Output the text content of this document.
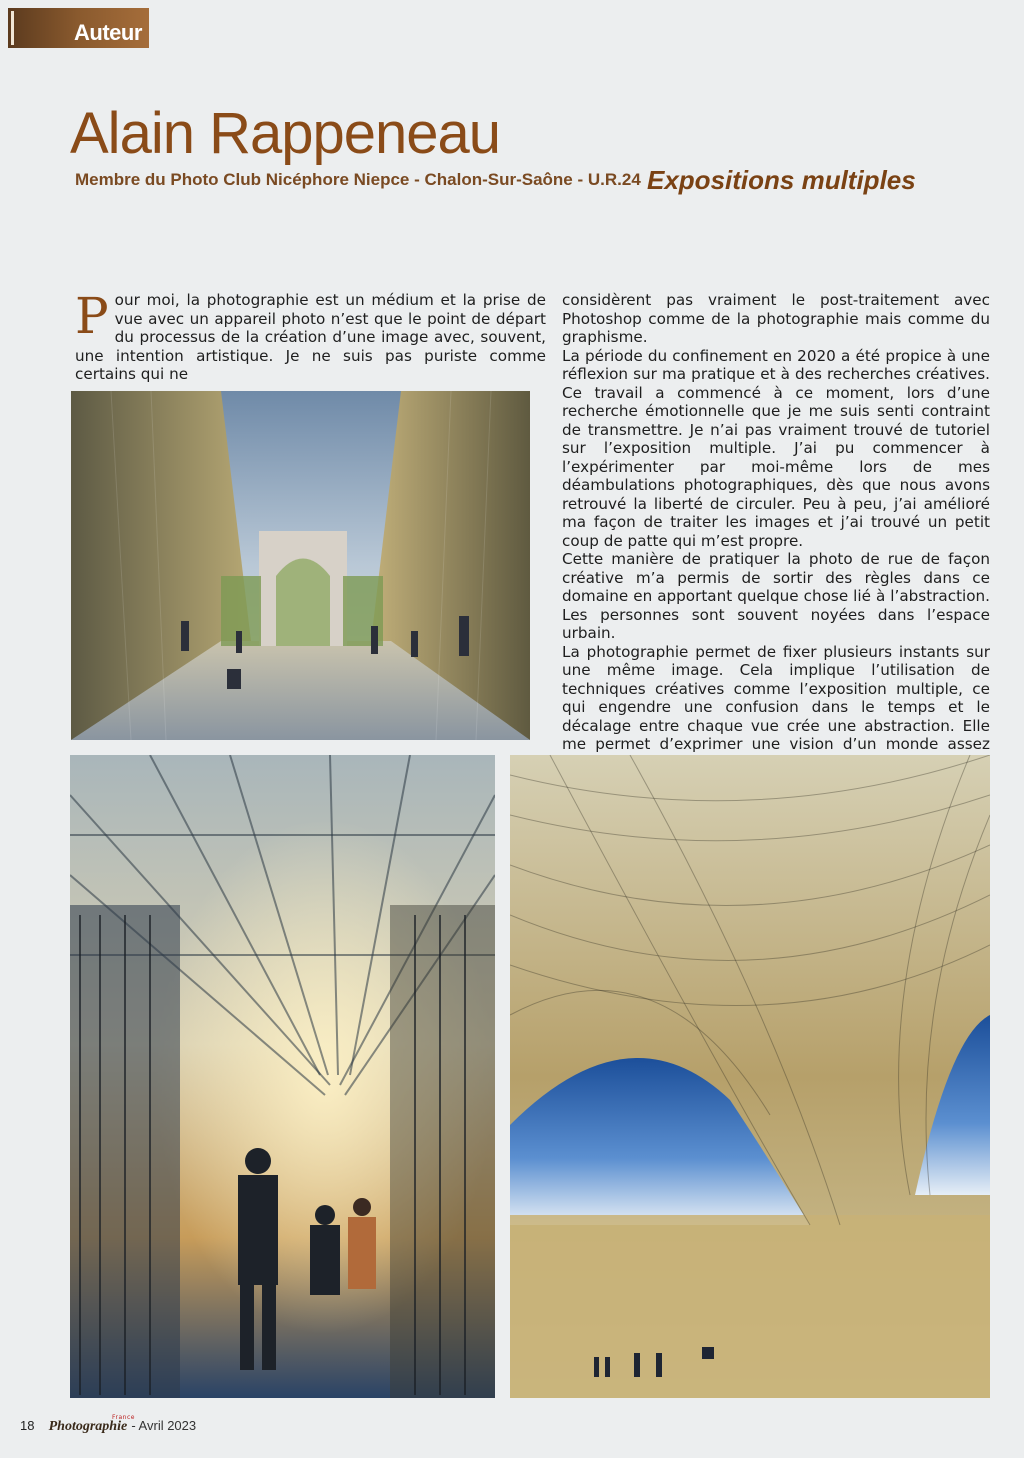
Auteur
Alain Rappeneau
Membre du Photo Club Nicéphore Niepce - Chalon-Sur-Saône - U.R.24 Expositions multiples
P our moi, la photographie est un médium et la prise de vue avec un appareil photo n’est que le point de départ du processus de la création d’une image avec, souvent, une intention artistique. Je ne suis pas puriste comme certains qui ne

considèrent pas vraiment le post-traitement avec Photoshop comme de la photographie mais comme du graphisme.

La période du confinement en 2020 a été propice à une réflexion sur ma pratique et à des recherches créatives. Ce travail a commencé à ce moment, lors d’une recherche émotionnelle que je me suis senti contraint de transmettre. Je n’ai pas vraiment trouvé de tutoriel sur l’exposition multiple. J’ai pu commencer à l’expérimenter par moi-même lors de mes déambulations photographiques, dès que nous avons retrouvé la liberté de circuler. Peu à peu, j’ai amélioré ma façon de traiter les images et j’ai trouvé un petit coup de patte qui m’est propre.

Cette manière de pratiquer la photo de rue de façon créative m’a permis de sortir des règles dans ce domaine en apportant quelque chose lié à l’abstraction. Les personnes sont souvent noyées dans l’espace urbain.

La photographie permet de fixer plusieurs instants sur une même image. Cela implique l’utilisation de techniques créatives comme l’exposition multiple, ce qui engendre une confusion dans le temps et le décalage entre chaque vue crée une abstraction. Elle me permet d’exprimer une vision d’un monde assez

18
France
Photographie - Avril 2023
